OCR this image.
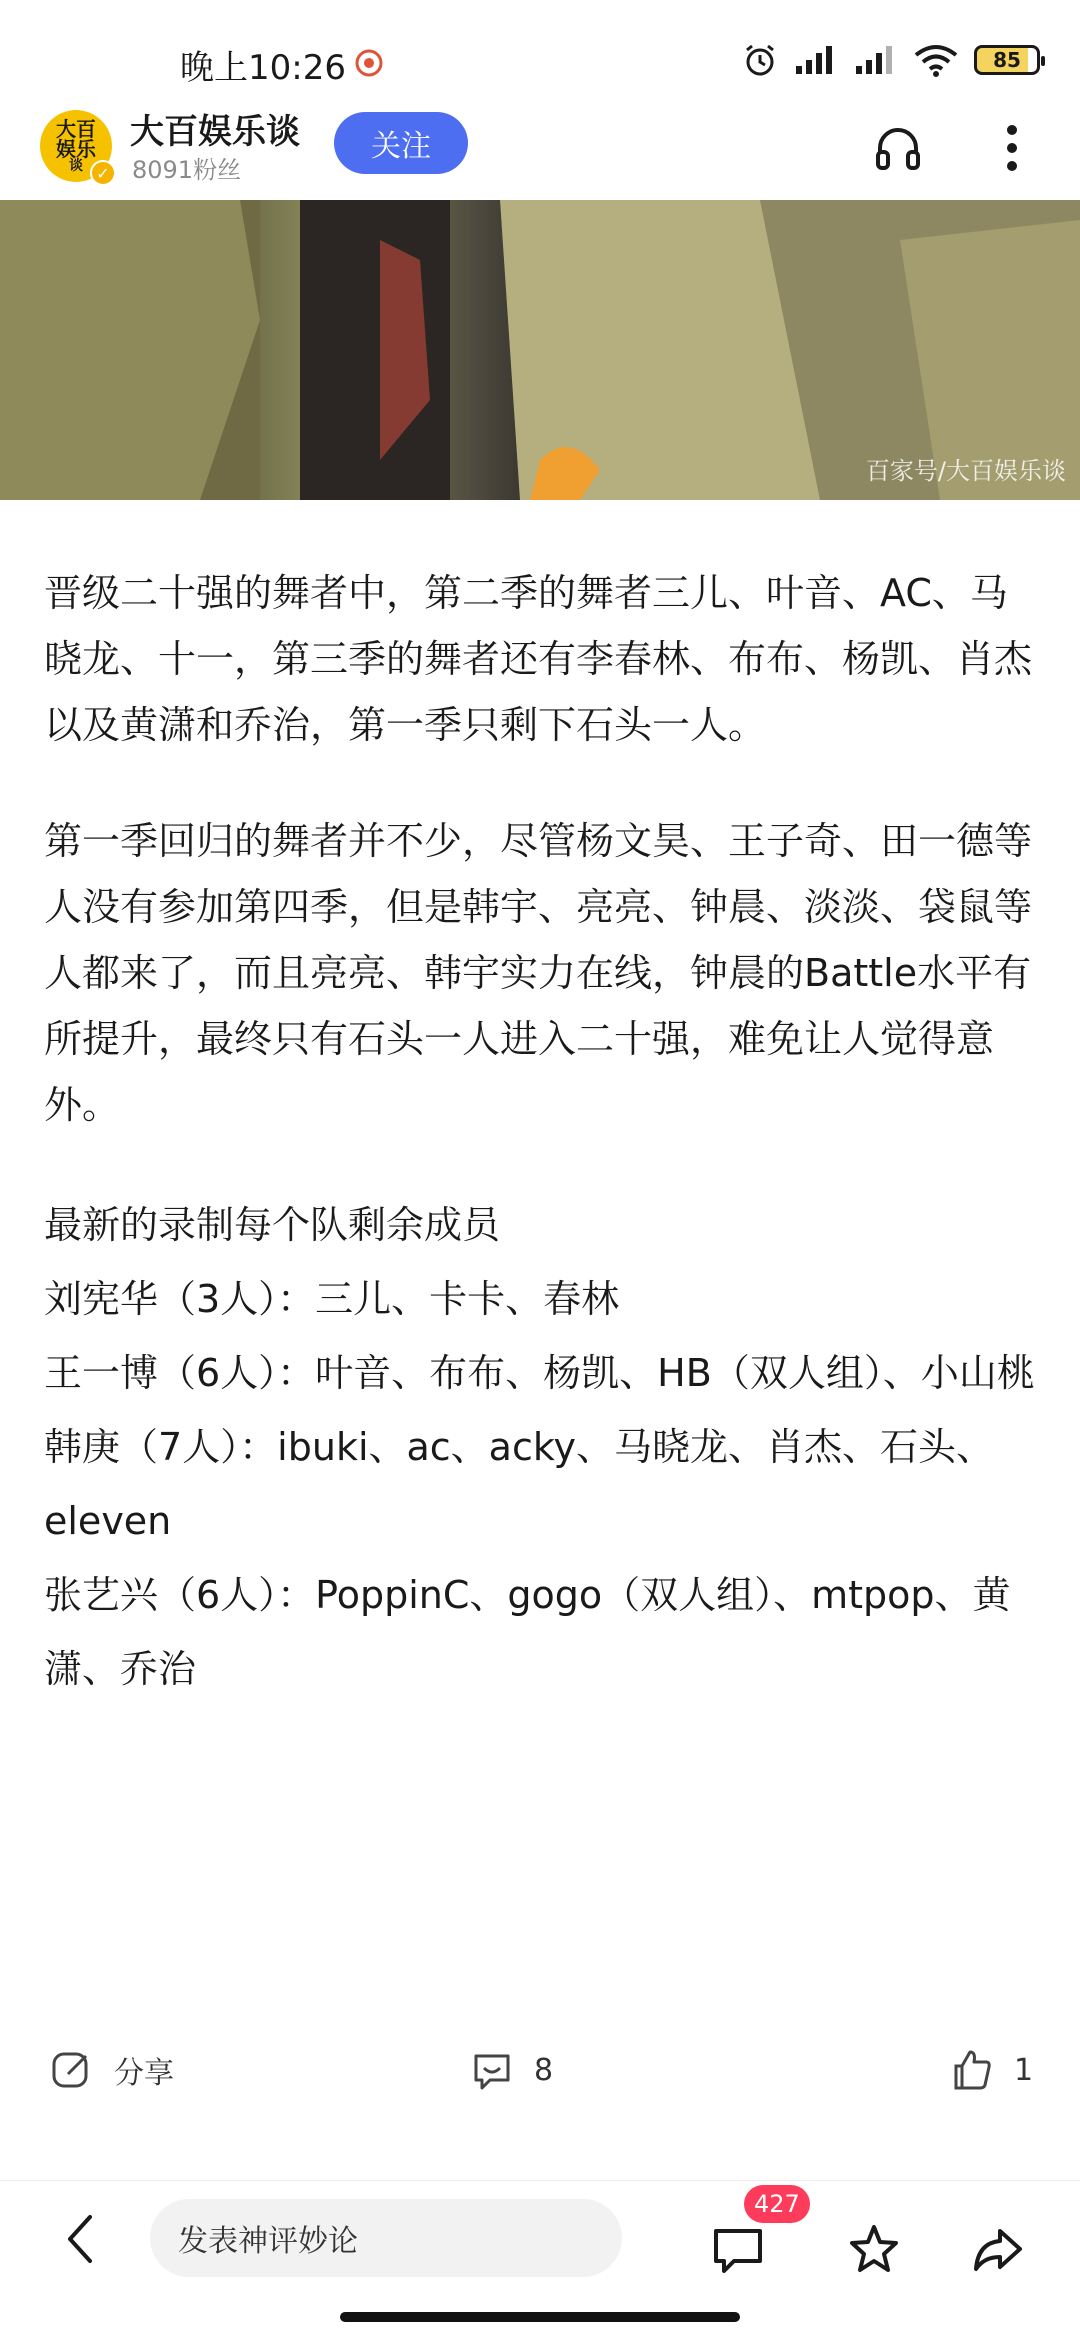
晚上10:26	85
大百
娱乐
谈 ✓
大百娱乐谈
8091粉丝
关注
百家号/大百娱乐谈

晋级二十强的舞者中，第二季的舞者三儿、叶音、AC、马晓龙、十一，第三季的舞者还有李春林、布布、杨凯、肖杰以及黄潇和乔治，第一季只剩下石头一人。

第一季回归的舞者并不少，尽管杨文昊、王子奇、田一德等人没有参加第四季，但是韩宇、亮亮、钟晨、淡淡、袋鼠等人都来了，而且亮亮、韩宇实力在线，钟晨的Battle水平有所提升，最终只有石头一人进入二十强，难免让人觉得意外。

最新的录制每个队剩余成员

刘宪华（3人）：三儿、卡卡、春林

王一博（6人）：叶音、布布、杨凯、HB（双人组）、小山桃

韩庚（7人）：ibuki、ac、acky、马晓龙、肖杰、石头、eleven

张艺兴（6人）：PoppinC、gogo（双人组）、mtpop、黄潇、乔治

分享	8	1
发表神评妙论
427
